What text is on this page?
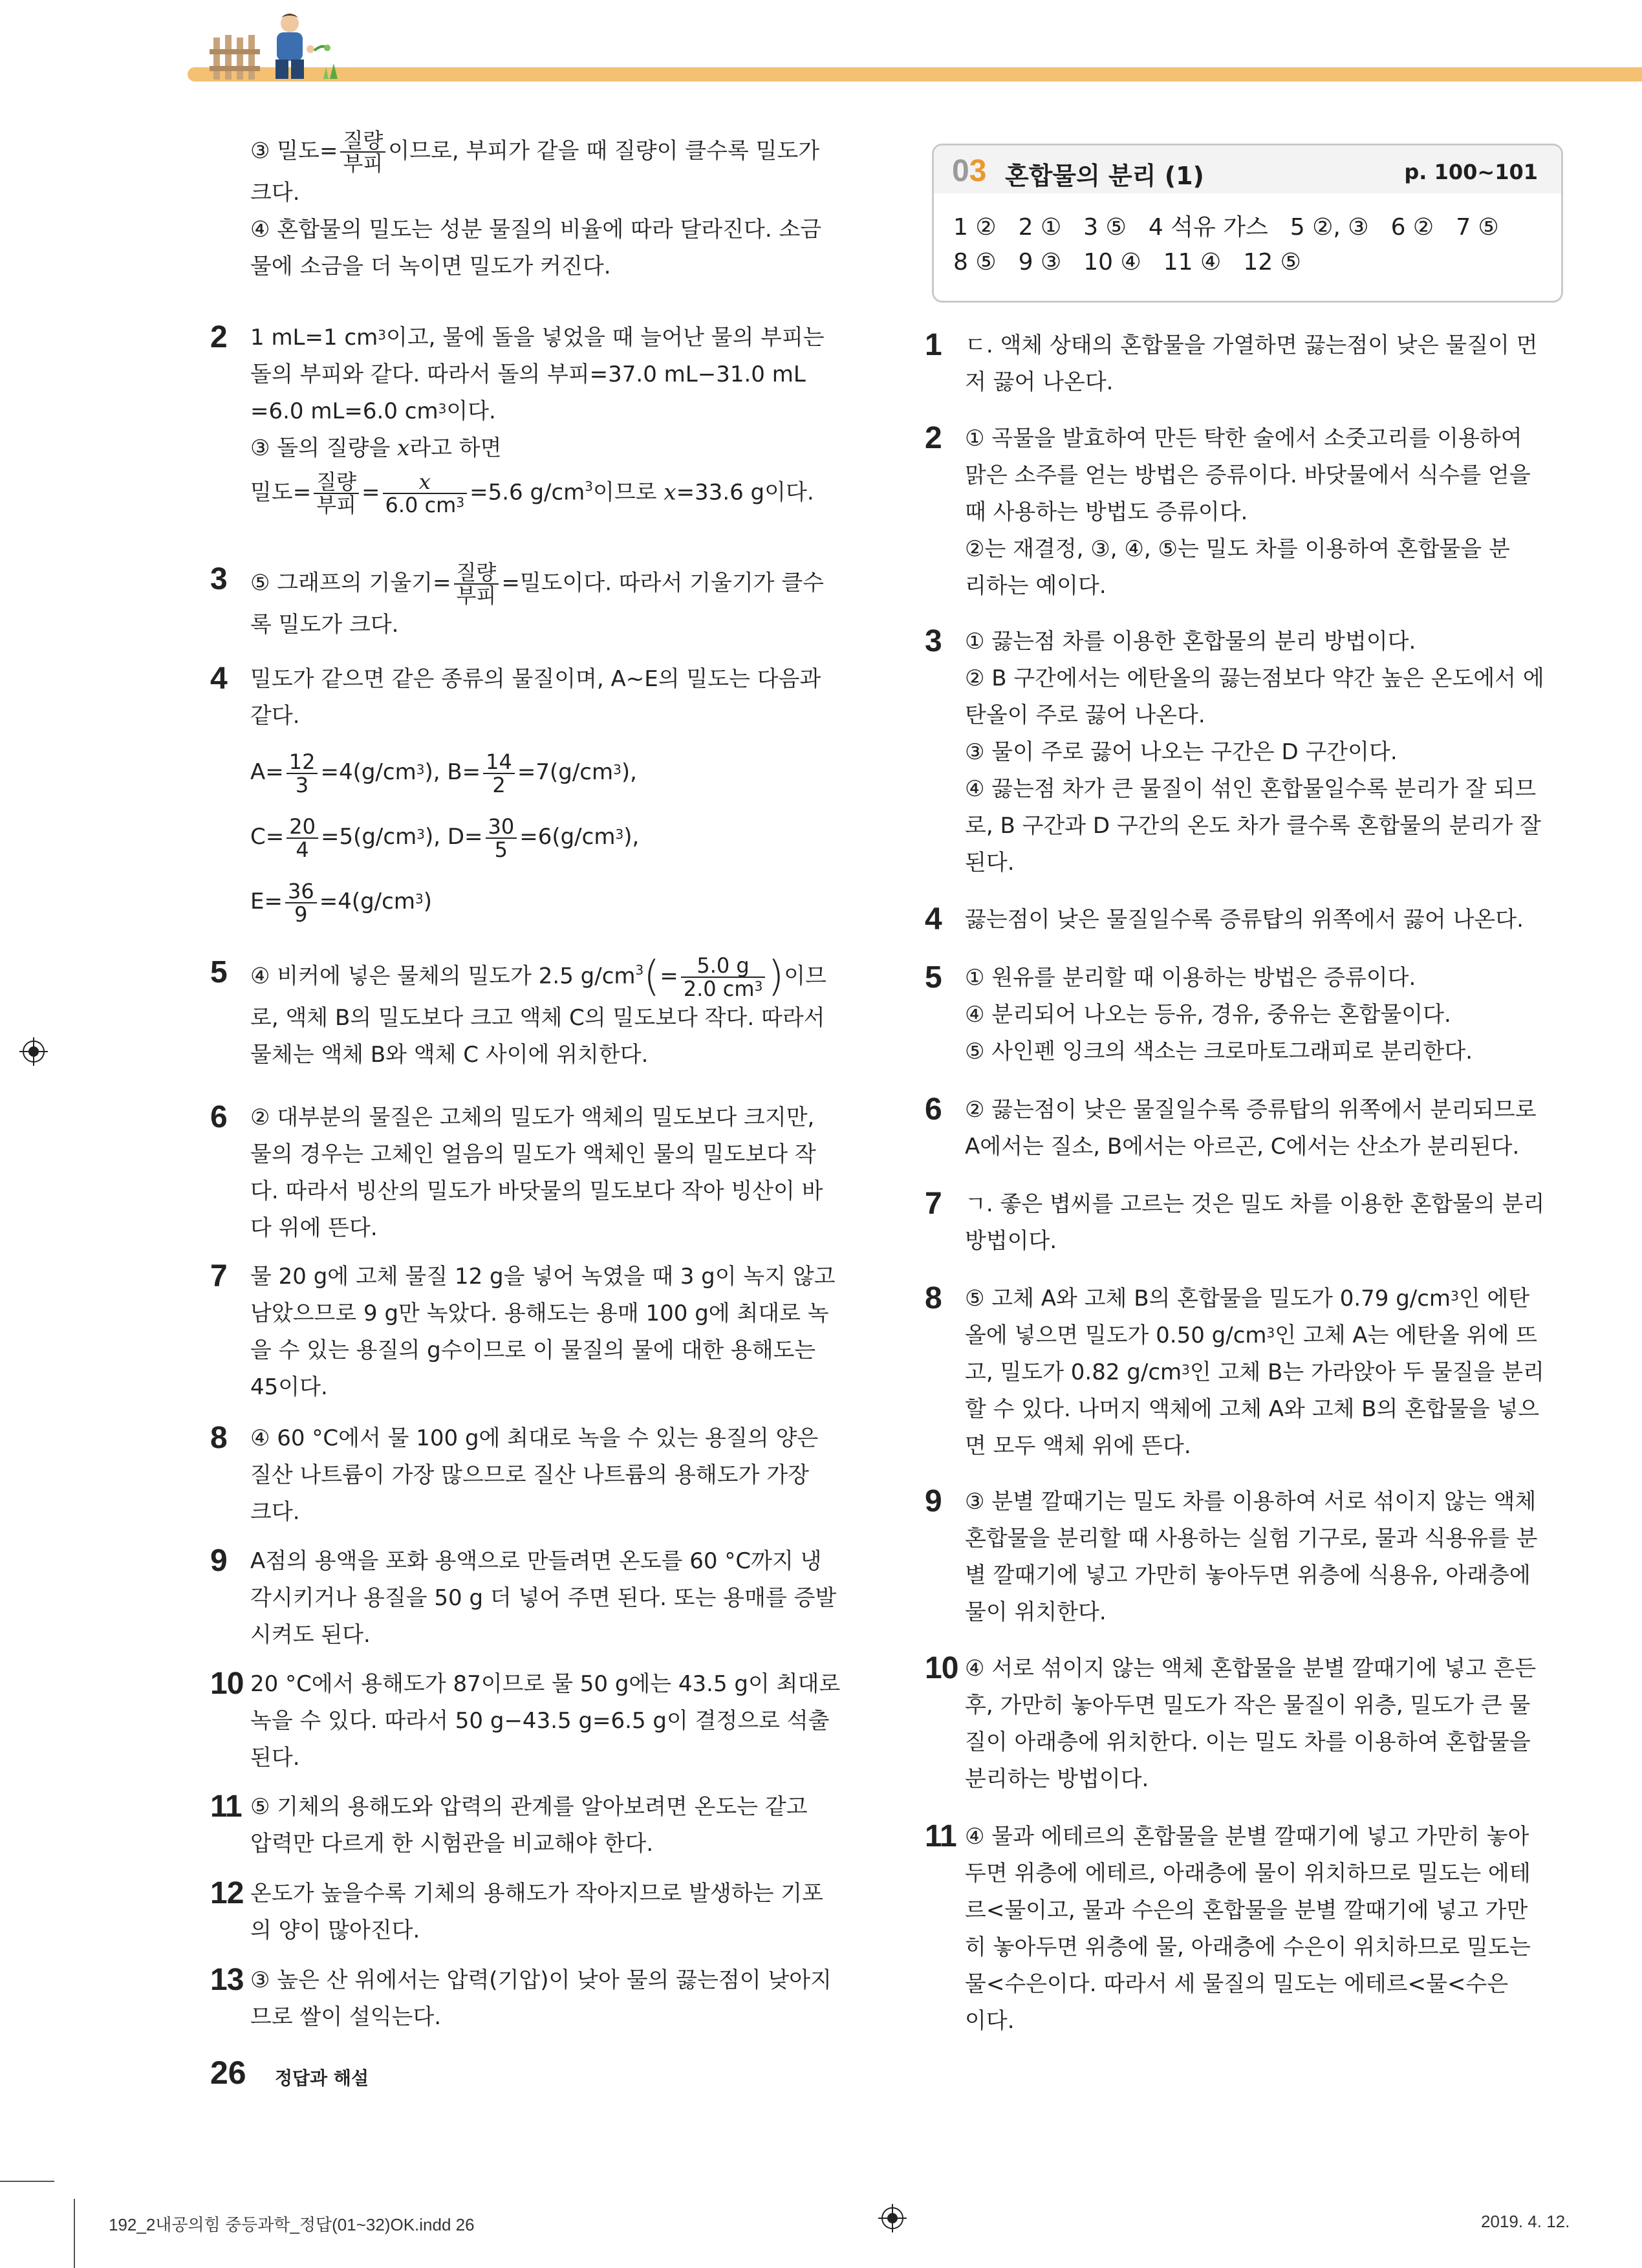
③ 밀도= $\frac{\text{질량}}{\text{부피}}$ 이므로, 부피가 같을 때 질량이 클수록 밀도가

크다.

④ 혼합물의 밀도는 성분 물질의 비율에 따라 달라진다. 소금

물에 소금을 더 녹이면 밀도가 커진다.

2 1 mL=1 $cm^3$이고, 물에 돌을 넣었을 때 늘어난 물의 부피는

돌의 부피와 같다. 따라서 돌의 부피=37.0 mL−31.0 mL

=6.0 mL=6.0 $cm^3$이다.

③ 돌의 질량을 x라고 하면

밀도= $\frac{\text{질량}}{\text{부피}} = \frac{x}{6.0 cm^3} =5.6$ $g/cm^3$이므로 x=33.6 g이다.

3 ⑤ 그래프의 기울기= $\frac{\text{질량}}{\text{부피}}$ =밀도이다. 따라서 기울기가 클수

록 밀도가 크다.

4 밀도가 같으면 같은 종류의 물질이며, A∼E의 밀도는 다음과

같다.

$A= \frac{12}{3} =4(g/cm^3)$, $B= \frac{14}{2} =7(g/cm^3)$,

$C= \frac{20}{4} =5(g/cm^3)$, $D= \frac{30}{5} =6(g/cm^3)$,

$E= \frac{36}{9} =4(g/cm^3)$

5 ④ 비커에 넣은 물체의 밀도가 2.5 $g/cm^3(= \frac{5.0 g}{2.0 cm^3}$ )이므

로, 액체 B의 밀도보다 크고 액체 C의 밀도보다 작다. 따라서

물체는 액체 B와 액체 C 사이에 위치한다.

6 ② 대부분의 물질은 고체의 밀도가 액체의 밀도보다 크지만,

물의 경우는 고체인 얼음의 밀도가 액체인 물의 밀도보다 작

다. 따라서 빙산의 밀도가 바닷물의 밀도보다 작아 빙산이 바

다 위에 뜬다.

7 물 20 g에 고체 물질 12 g을 넣어 녹였을 때 3 g이 녹지 않고

남았으므로 9 g만 녹았다. 용해도는 용매 100 g에 최대로 녹

을 수 있는 용질의 g수이므로 이 물질의 물에 대한 용해도는

45이다.

8 ④ 60 °C에서 물 100 g에 최대로 녹을 수 있는 용질의 양은

질산 나트륨이 가장 많으므로 질산 나트륨의 용해도가 가장

크다.

9 A점의 용액을 포화 용액으로 만들려면 온도를 60 °C까지 냉

각시키거나 용질을 50 g 더 넣어 주면 된다. 또는 용매를 증발

시켜도 된다.

10 20 °C에서 용해도가 87이므로 물 50 g에는 43.5 g이 최대로

녹을 수 있다. 따라서 50 g−43.5 g=6.5 g이 결정으로 석출

된다.

11 ⑤ 기체의 용해도와 압력의 관계를 알아보려면 온도는 같고

압력만 다르게 한 시험관을 비교해야 한다.

12 온도가 높을수록 기체의 용해도가 작아지므로 발생하는 기포

의 양이 많아진다.

13 ③ 높은 산 위에서는 압력(기압)이 낮아 물의 끓는점이 낮아지

므로 쌀이 설익는다.

03 혼합물의 분리 (1)	p. 100~101
1 ② 2 ① 3 ⑤ 4 석유 가스 5 ②, ③ 6 ② 7 ⑤
8 ⑤ 9 ③ 10 ④ 11 ④ 12 ⑤
1 ㄷ. 액체 상태의 혼합물을 가열하면 끓는점이 낮은 물질이 먼

저 끓어 나온다.

2 ① 곡물을 발효하여 만든 탁한 술에서 소줏고리를 이용하여

맑은 소주를 얻는 방법은 증류이다. 바닷물에서 식수를 얻을

때 사용하는 방법도 증류이다.

②는 재결정, ③, ④, ⑤는 밀도 차를 이용하여 혼합물을 분

리하는 예이다.

3 ① 끓는점 차를 이용한 혼합물의 분리 방법이다.

② B 구간에서는 에탄올의 끓는점보다 약간 높은 온도에서 에

탄올이 주로 끓어 나온다.

③ 물이 주로 끓어 나오는 구간은 D 구간이다.

④ 끓는점 차가 큰 물질이 섞인 혼합물일수록 분리가 잘 되므

로, B 구간과 D 구간의 온도 차가 클수록 혼합물의 분리가 잘

된다.

4 끓는점이 낮은 물질일수록 증류탑의 위쪽에서 끓어 나온다.

5 ① 원유를 분리할 때 이용하는 방법은 증류이다.

④ 분리되어 나오는 등유, 경유, 중유는 혼합물이다.

⑤ 사인펜 잉크의 색소는 크로마토그래피로 분리한다.

6 ② 끓는점이 낮은 물질일수록 증류탑의 위쪽에서 분리되므로

A에서는 질소, B에서는 아르곤, C에서는 산소가 분리된다.

7 ㄱ. 좋은 볍씨를 고르는 것은 밀도 차를 이용한 혼합물의 분리

방법이다.

8 ⑤ 고체 A와 고체 B의 혼합물을 밀도가 0.79 $g/cm^3$인 에탄

올에 넣으면 밀도가 0.50 $g/cm^3$인 고체 A는 에탄올 위에 뜨

고, 밀도가 0.82 $g/cm^3$인 고체 B는 가라앉아 두 물질을 분리

할 수 있다. 나머지 액체에 고체 A와 고체 B의 혼합물을 넣으

면 모두 액체 위에 뜬다.

9 ③ 분별 깔때기는 밀도 차를 이용하여 서로 섞이지 않는 액체

혼합물을 분리할 때 사용하는 실험 기구로, 물과 식용유를 분

별 깔때기에 넣고 가만히 놓아두면 위층에 식용유, 아래층에

물이 위치한다.

10 ④ 서로 섞이지 않는 액체 혼합물을 분별 깔때기에 넣고 흔든

후, 가만히 놓아두면 밀도가 작은 물질이 위층, 밀도가 큰 물

질이 아래층에 위치한다. 이는 밀도 차를 이용하여 혼합물을

분리하는 방법이다.

11 ④ 물과 에테르의 혼합물을 분별 깔때기에 넣고 가만히 놓아

두면 위층에 에테르, 아래층에 물이 위치하므로 밀도는 에테

르<물이고, 물과 수은의 혼합물을 분별 깔때기에 넣고 가만

히 놓아두면 위층에 물, 아래층에 수은이 위치하므로 밀도는

물<수은이다. 따라서 세 물질의 밀도는 에테르<물<수은

이다.

26 정답과 해설
192_2내공의힘 중등과학_정답(01~32)OK.indd 26	2019. 4. 12.
